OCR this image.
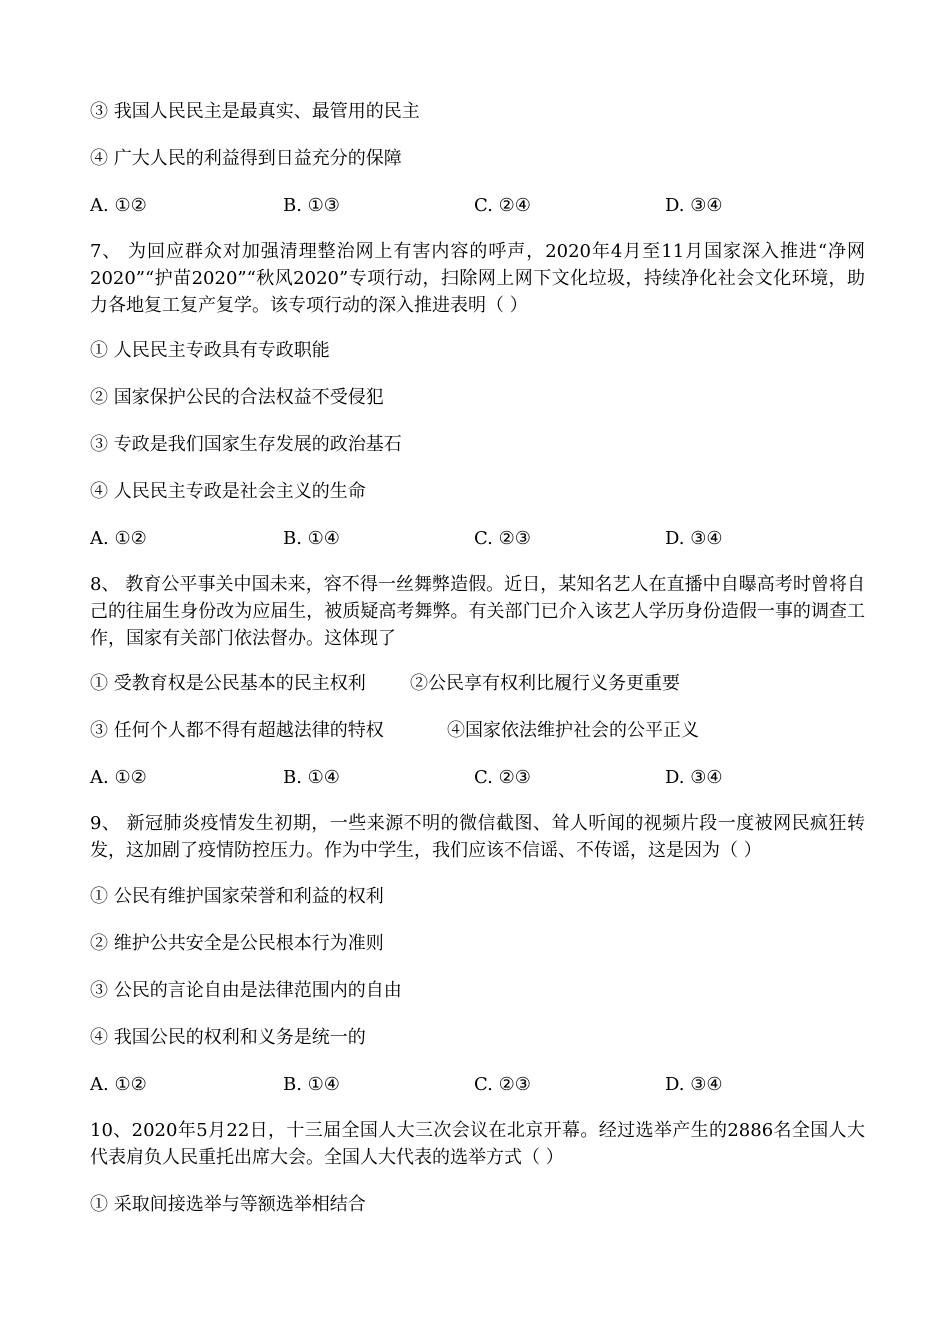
③ 我国人民民主是最真实、最管用的民主
④ 广大人民的利益得到日益充分的保障
A. ①②	B. ①③	C. ②④	D. ③④
7、 为回应群众对加强清理整治网上有害内容的呼声，2020年4月至11月国家深入推进“净网2020”“护苗2020”“秋风2020”专项行动，扫除网上网下文化垃圾，持续净化社会文化环境，助力各地复工复产复学。该专项行动的深入推进表明（ ）
① 人民民主专政具有专政职能
② 国家保护公民的合法权益不受侵犯
③ 专政是我们国家生存发展的政治基石
④ 人民民主专政是社会主义的生命
A. ①②	B. ①④	C. ②③	D. ③④
8、 教育公平事关中国未来，容不得一丝舞弊造假。近日，某知名艺人在直播中自曝高考时曾将自己的往届生身份改为应届生，被质疑高考舞弊。有关部门已介入该艺人学历身份造假一事的调查工作，国家有关部门依法督办。这体现了
① 受教育权是公民基本的民主权利 ②公民享有权利比履行义务更重要
③ 任何个人都不得有超越法律的特权	④国家依法维护社会的公平正义
A. ①②	B. ①④	C. ②③	D. ③④
9、 新冠肺炎疫情发生初期，一些来源不明的微信截图、耸人听闻的视频片段一度被网民疯狂转发，这加剧了疫情防控压力。作为中学生，我们应该不信谣、不传谣，这是因为（ ）
① 公民有维护国家荣誉和利益的权利
② 维护公共安全是公民根本行为准则
③ 公民的言论自由是法律范围内的自由
④ 我国公民的权利和义务是统一的
A. ①②	B. ①④	C. ②③	D. ③④
10、2020年5月22日，十三届全国人大三次会议在北京开幕。经过选举产生的2886名全国人大代表肩负人民重托出席大会。全国人大代表的选举方式（ ）
① 采取间接选举与等额选举相结合
